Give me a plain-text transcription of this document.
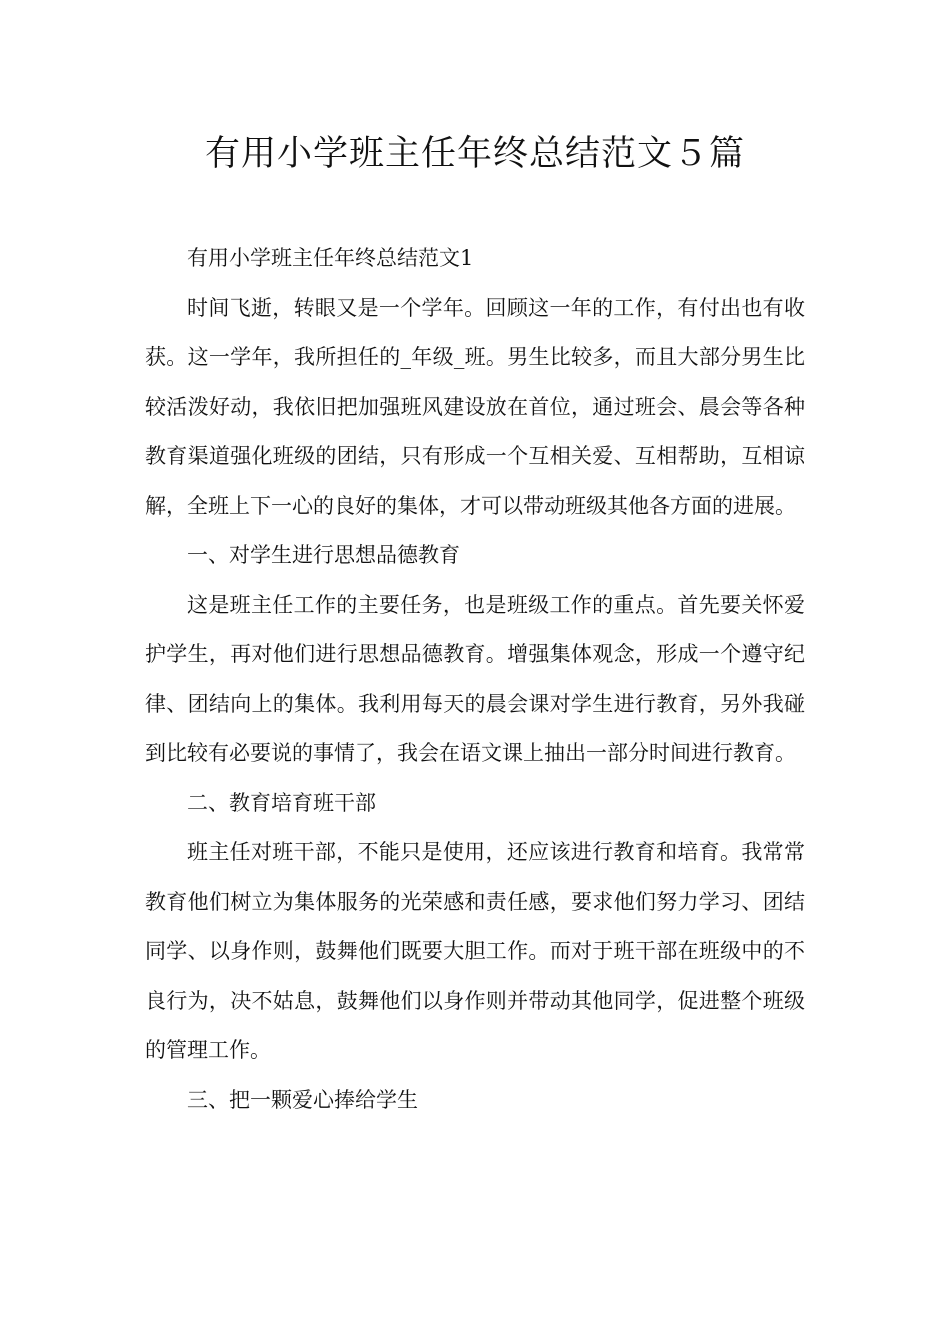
有用小学班主任年终总结范文５篇

有用小学班主任年终总结范文1

时间飞逝，转眼又是一个学年。回顾这一年的工作，有付出也有收获。这一学年，我所担任的_年级_班。男生比较多，而且大部分男生比较活泼好动，我依旧把加强班风建设放在首位，通过班会、晨会等各种教育渠道强化班级的团结，只有形成一个互相关爱、互相帮助，互相谅解，全班上下一心的良好的集体，才可以带动班级其他各方面的进展。

一、对学生进行思想品德教育

这是班主任工作的主要任务，也是班级工作的重点。首先要关怀爱护学生，再对他们进行思想品德教育。增强集体观念，形成一个遵守纪律、团结向上的集体。我利用每天的晨会课对学生进行教育，另外我碰到比较有必要说的事情了，我会在语文课上抽出一部分时间进行教育。

二、教育培育班干部

班主任对班干部，不能只是使用，还应该进行教育和培育。我常常教育他们树立为集体服务的光荣感和责任感，要求他们努力学习、团结同学、以身作则，鼓舞他们既要大胆工作。而对于班干部在班级中的不良行为，决不姑息，鼓舞他们以身作则并带动其他同学，促进整个班级的管理工作。

三、把一颗爱心捧给学生
